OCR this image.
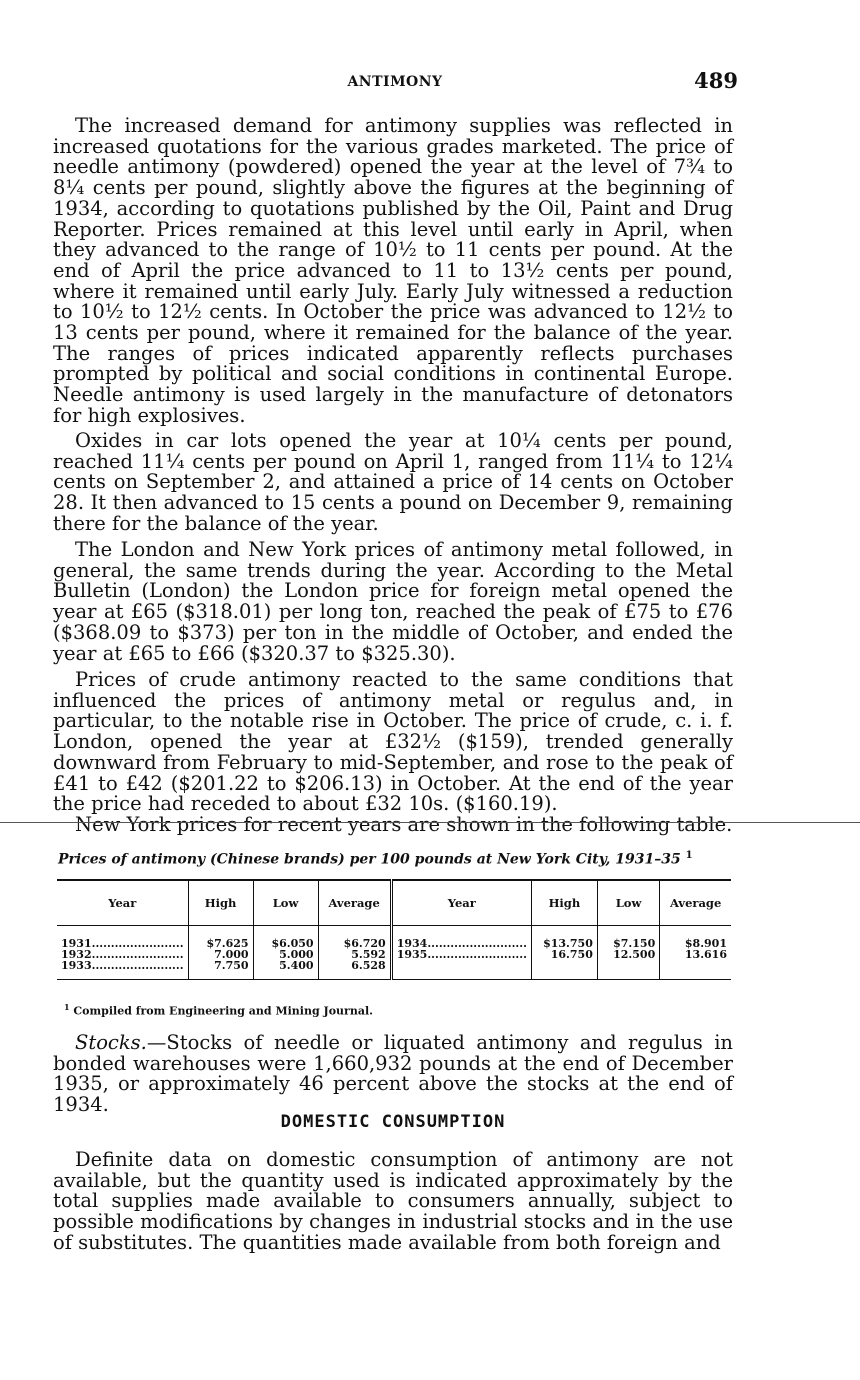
ANTIMONY	489

The increased demand for antimony supplies was reflected in increased quotations for the various grades marketed. The price of needle antimony (powdered) opened the year at the level of 7¾ to 8¼ cents per pound, slightly above the figures at the beginning of 1934, according to quotations published by the Oil, Paint and Drug Reporter. Prices remained at this level until early in April, when they advanced to the range of 10½ to 11 cents per pound. At the end of April the price advanced to 11 to 13½ cents per pound, where it remained until early July. Early July witnessed a reduction to 10½ to 12½ cents. In October the price was advanced to 12½ to 13 cents per pound, where it remained for the balance of the year. The ranges of prices indicated apparently reflects purchases prompted by political and social conditions in continental Europe. Needle antimony is used largely in the manufacture of detonators for high explosives.

Oxides in car lots opened the year at 10¼ cents per pound, reached 11¼ cents per pound on April 1, ranged from 11¼ to 12¼ cents on September 2, and attained a price of 14 cents on October 28. It then advanced to 15 cents a pound on December 9, remaining there for the balance of the year.

The London and New York prices of antimony metal followed, in general, the same trends during the year. According to the Metal Bulletin (London) the London price for foreign metal opened the year at £65 ($318.01) per long ton, reached the peak of £75 to £76 ($368.09 to $373) per ton in the middle of October, and ended the year at £65 to £66 ($320.37 to $325.30).

Prices of crude antimony reacted to the same conditions that influenced the prices of antimony metal or regulus and, in particular, to the notable rise in October. The price of crude, c. i. f. London, opened the year at £32½ ($159), trended generally downward from February to mid-September, and rose to the peak of £41 to £42 ($201.22 to $206.13) in October. At the end of the year the price had receded to about £32 10s. ($160.19).

New York prices for recent years are shown in the following table.

Prices of antimony (Chinese brands) per 100 pounds at New York City, 1931–35 $^1$
Year	High	Low	Average	Year	High	Low	Average
1931........................	$7.625	$6.050	$6.720	1934..........................	$13.750	$7.150	$8.901
1932........................	7.000	5.000	5.592	1935..........................	16.750	12.500	13.616
1933........................	7.750	5.400	6.528				
$^1$ Compiled from Engineering and Mining Journal.

Stocks.—Stocks of needle or liquated antimony and regulus in bonded warehouses were 1,660,932 pounds at the end of December 1935, or approximately 46 percent above the stocks at the end of 1934.

DOMESTIC CONSUMPTION

Definite data on domestic consumption of antimony are not available, but the quantity used is indicated approximately by the total supplies made available to consumers annually, subject to possible modifications by changes in industrial stocks and in the use of substitutes. The quantities made available from both foreign and
